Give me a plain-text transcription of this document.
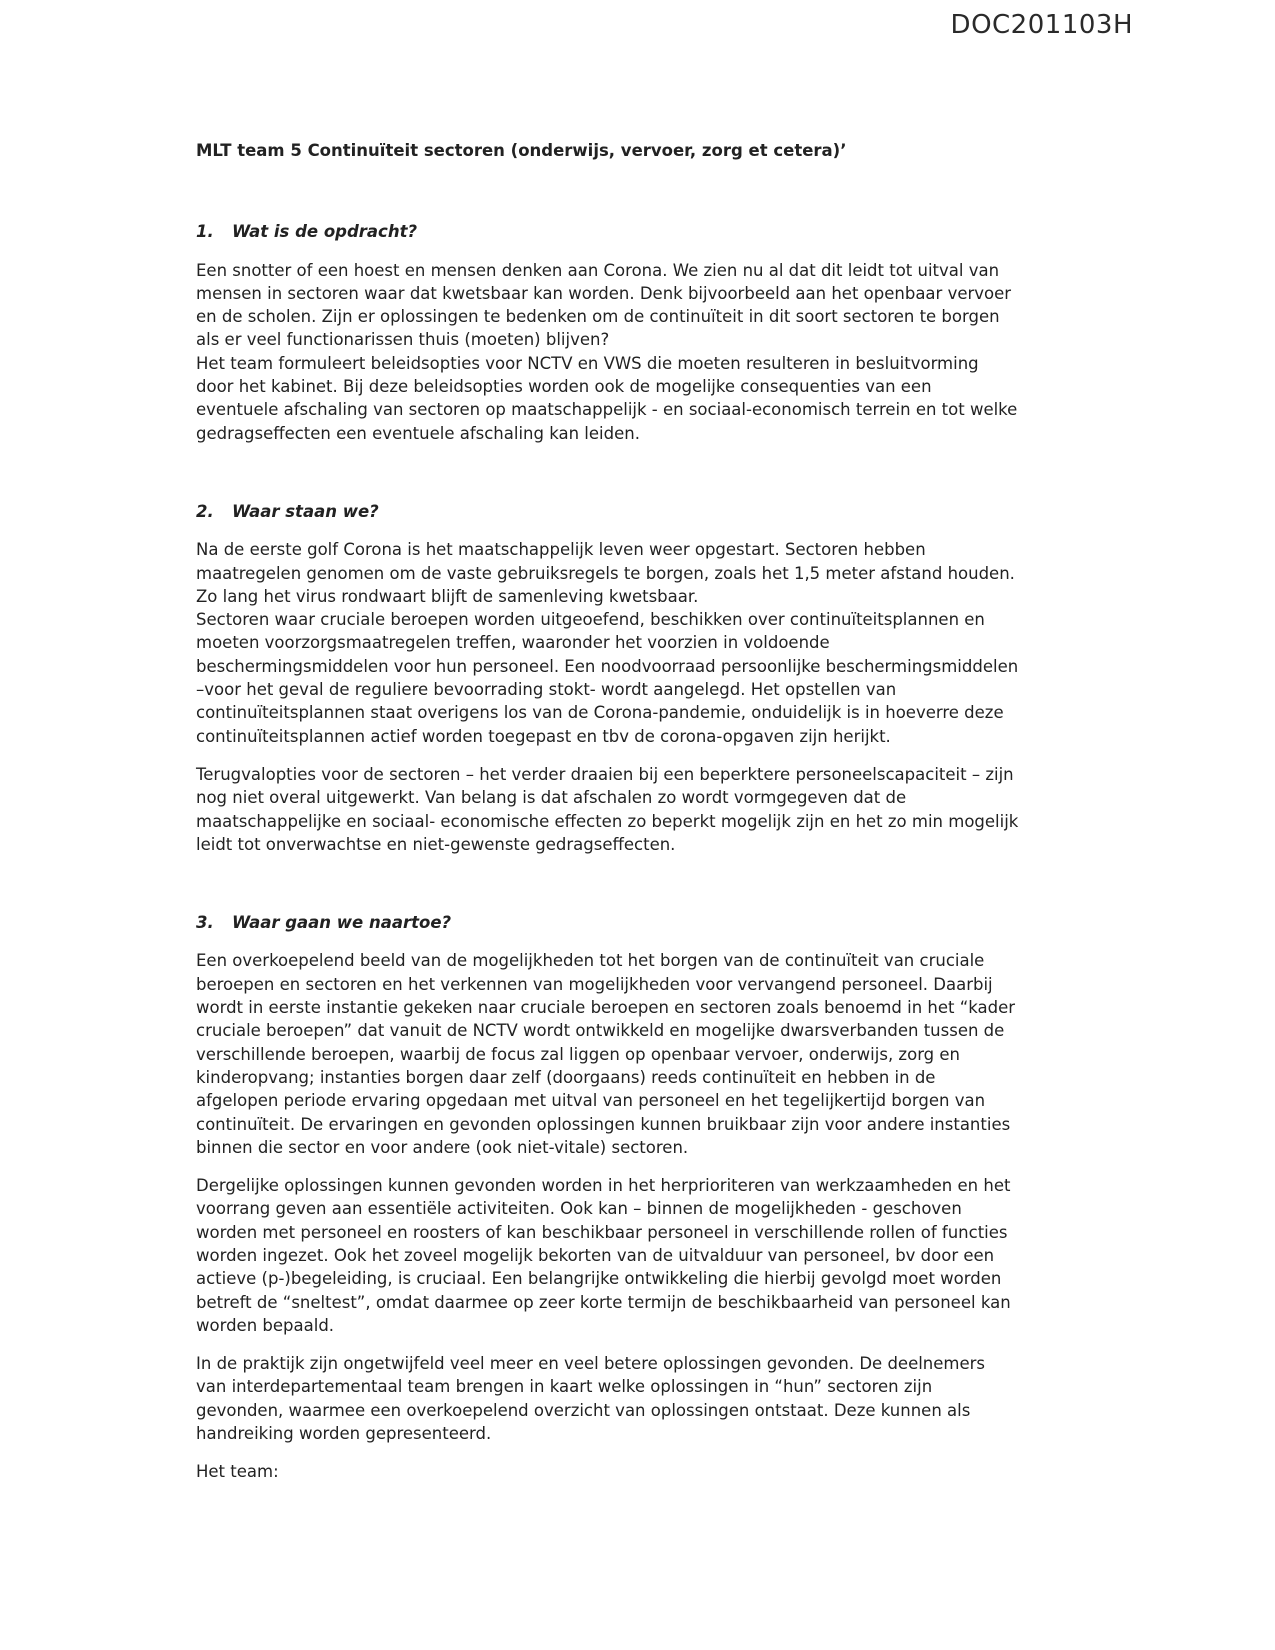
DOC201103H
MLT team 5 Continuïteit sectoren (onderwijs, vervoer, zorg et cetera)’
1.	Wat is de opdracht?

Een snotter of een hoest en mensen denken aan Corona. We zien nu al dat dit leidt tot uitval van
mensen in sectoren waar dat kwetsbaar kan worden. Denk bijvoorbeeld aan het openbaar vervoer
en de scholen. Zijn er oplossingen te bedenken om de continuïteit in dit soort sectoren te borgen
als er veel functionarissen thuis (moeten) blijven?
Het team formuleert beleidsopties voor NCTV en VWS die moeten resulteren in besluitvorming
door het kabinet. Bij deze beleidsopties worden ook de mogelijke consequenties van een
eventuele afschaling van sectoren op maatschappelijk - en sociaal-economisch terrein en tot welke
gedragseffecten een eventuele afschaling kan leiden.

2.	Waar staan we?

Na de eerste golf Corona is het maatschappelijk leven weer opgestart. Sectoren hebben
maatregelen genomen om de vaste gebruiksregels te borgen, zoals het 1,5 meter afstand houden.
Zo lang het virus rondwaart blijft de samenleving kwetsbaar.
Sectoren waar cruciale beroepen worden uitgeoefend, beschikken over continuïteitsplannen en
moeten voorzorgsmaatregelen treffen, waaronder het voorzien in voldoende
beschermingsmiddelen voor hun personeel. Een noodvoorraad persoonlijke beschermingsmiddelen
–voor het geval de reguliere bevoorrading stokt- wordt aangelegd. Het opstellen van
continuïteitsplannen staat overigens los van de Corona-pandemie, onduidelijk is in hoeverre deze
continuïteitsplannen actief worden toegepast en tbv de corona-opgaven zijn herijkt.

Terugvalopties voor de sectoren – het verder draaien bij een beperktere personeelscapaciteit – zijn
nog niet overal uitgewerkt. Van belang is dat afschalen zo wordt vormgegeven dat de
maatschappelijke en sociaal- economische effecten zo beperkt mogelijk zijn en het zo min mogelijk
leidt tot onverwachtse en niet-gewenste gedragseffecten.

3.	Waar gaan we naartoe?

Een overkoepelend beeld van de mogelijkheden tot het borgen van de continuïteit van cruciale
beroepen en sectoren en het verkennen van mogelijkheden voor vervangend personeel. Daarbij
wordt in eerste instantie gekeken naar cruciale beroepen en sectoren zoals benoemd in het “kader
cruciale beroepen” dat vanuit de NCTV wordt ontwikkeld en mogelijke dwarsverbanden tussen de
verschillende beroepen, waarbij de focus zal liggen op openbaar vervoer, onderwijs, zorg en
kinderopvang; instanties borgen daar zelf (doorgaans) reeds continuïteit en hebben in de
afgelopen periode ervaring opgedaan met uitval van personeel en het tegelijkertijd borgen van
continuïteit. De ervaringen en gevonden oplossingen kunnen bruikbaar zijn voor andere instanties
binnen die sector en voor andere (ook niet-vitale) sectoren.

Dergelijke oplossingen kunnen gevonden worden in het herprioriteren van werkzaamheden en het
voorrang geven aan essentiële activiteiten. Ook kan – binnen de mogelijkheden - geschoven
worden met personeel en roosters of kan beschikbaar personeel in verschillende rollen of functies
worden ingezet. Ook het zoveel mogelijk bekorten van de uitvalduur van personeel, bv door een
actieve (p-)begeleiding, is cruciaal. Een belangrijke ontwikkeling die hierbij gevolgd moet worden
betreft de “sneltest”, omdat daarmee op zeer korte termijn de beschikbaarheid van personeel kan
worden bepaald.

In de praktijk zijn ongetwijfeld veel meer en veel betere oplossingen gevonden. De deelnemers
van interdepartementaal team brengen in kaart welke oplossingen in “hun” sectoren zijn
gevonden, waarmee een overkoepelend overzicht van oplossingen ontstaat. Deze kunnen als
handreiking worden gepresenteerd.

Het team:
